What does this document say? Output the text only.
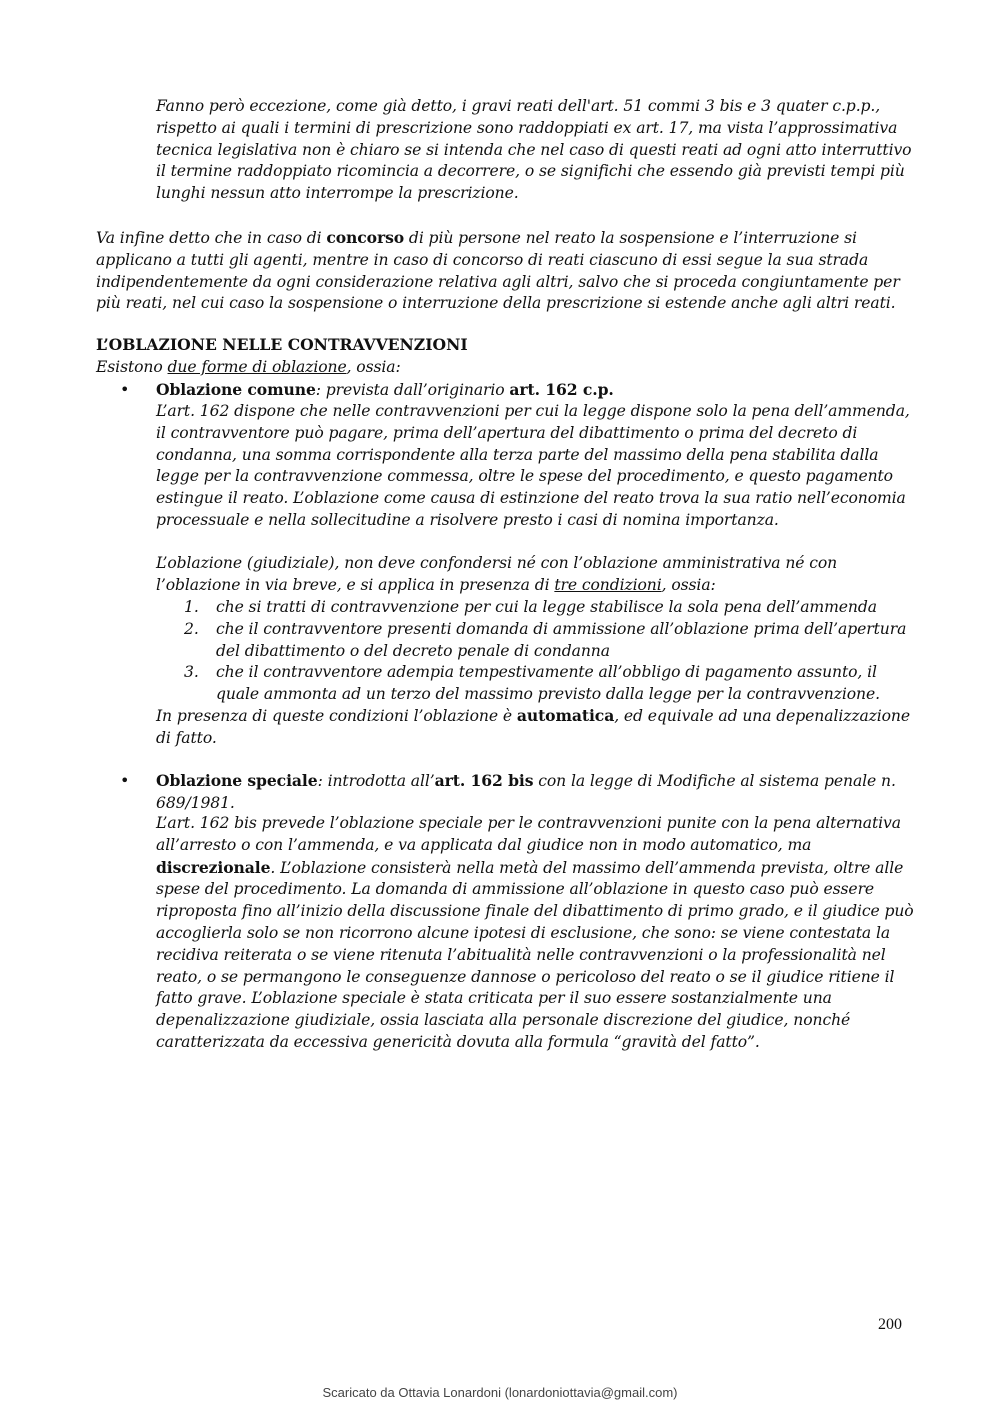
Fanno però eccezione, come già detto, i gravi reati dell'art. 51 commi 3 bis e 3 quater c.p.p., rispetto ai quali i termini di prescrizione sono raddoppiati ex art. 17, ma vista l’approssimativa tecnica legislativa non è chiaro se si intenda che nel caso di questi reati ad ogni atto interruttivo il termine raddoppiato ricomincia a decorrere, o se significhi che essendo già previsti tempi più lunghi nessun atto interrompe la prescrizione.

Va infine detto che in caso di concorso di più persone nel reato la sospensione e l’interruzione si applicano a tutti gli agenti, mentre in caso di concorso di reati ciascuno di essi segue la sua strada indipendentemente da ogni considerazione relativa agli altri, salvo che si proceda congiuntamente per più reati, nel cui caso la sospensione o interruzione della prescrizione si estende anche agli altri reati.

L’OBLAZIONE NELLE CONTRAVVENZIONI

Esistono due forme di oblazione, ossia:

• Oblazione comune: prevista dall’originario art. 162 c.p.

L’art. 162 dispone che nelle contravvenzioni per cui la legge dispone solo la pena dell’ammenda, il contravventore può pagare, prima dell’apertura del dibattimento o prima del decreto di condanna, una somma corrispondente alla terza parte del massimo della pena stabilita dalla legge per la contravvenzione commessa, oltre le spese del procedimento, e questo pagamento estingue il reato. L’oblazione come causa di estinzione del reato trova la sua ratio nell’economia processuale e nella sollecitudine a risolvere presto i casi di nomina importanza.

L’oblazione (giudiziale), non deve confondersi né con l’oblazione amministrativa né con l’oblazione in via breve, e si applica in presenza di tre condizioni, ossia:

1. che si tratti di contravvenzione per cui la legge stabilisce la sola pena dell’ammenda

2. che il contravventore presenti domanda di ammissione all’oblazione prima dell’apertura del dibattimento o del decreto penale di condanna

3. che il contravventore adempia tempestivamente all’obbligo di pagamento assunto, il quale ammonta ad un terzo del massimo previsto dalla legge per la contravvenzione.

In presenza di queste condizioni l’oblazione è automatica, ed equivale ad una depenalizzazione di fatto.

• Oblazione speciale: introdotta all’art. 162 bis con la legge di Modifiche al sistema penale n. 689/1981.

L’art. 162 bis prevede l’oblazione speciale per le contravvenzioni punite con la pena alternativa all’arresto o con l’ammenda, e va applicata dal giudice non in modo automatico, ma discrezionale. L’oblazione consisterà nella metà del massimo dell’ammenda prevista, oltre alle spese del procedimento. La domanda di ammissione all’oblazione in questo caso può essere riproposta fino all’inizio della discussione finale del dibattimento di primo grado, e il giudice può accoglierla solo se non ricorrono alcune ipotesi di esclusione, che sono: se viene contestata la recidiva reiterata o se viene ritenuta l’abitualità nelle contravvenzioni o la professionalità nel reato, o se permangono le conseguenze dannose o pericoloso del reato o se il giudice ritiene il fatto grave. L’oblazione speciale è stata criticata per il suo essere sostanzialmente una depenalizzazione giudiziale, ossia lasciata alla personale discrezione del giudice, nonché caratterizzata da eccessiva genericità dovuta alla formula “gravità del fatto”.

200
Scaricato da Ottavia Lonardoni (lonardoniottavia@gmail.com)
